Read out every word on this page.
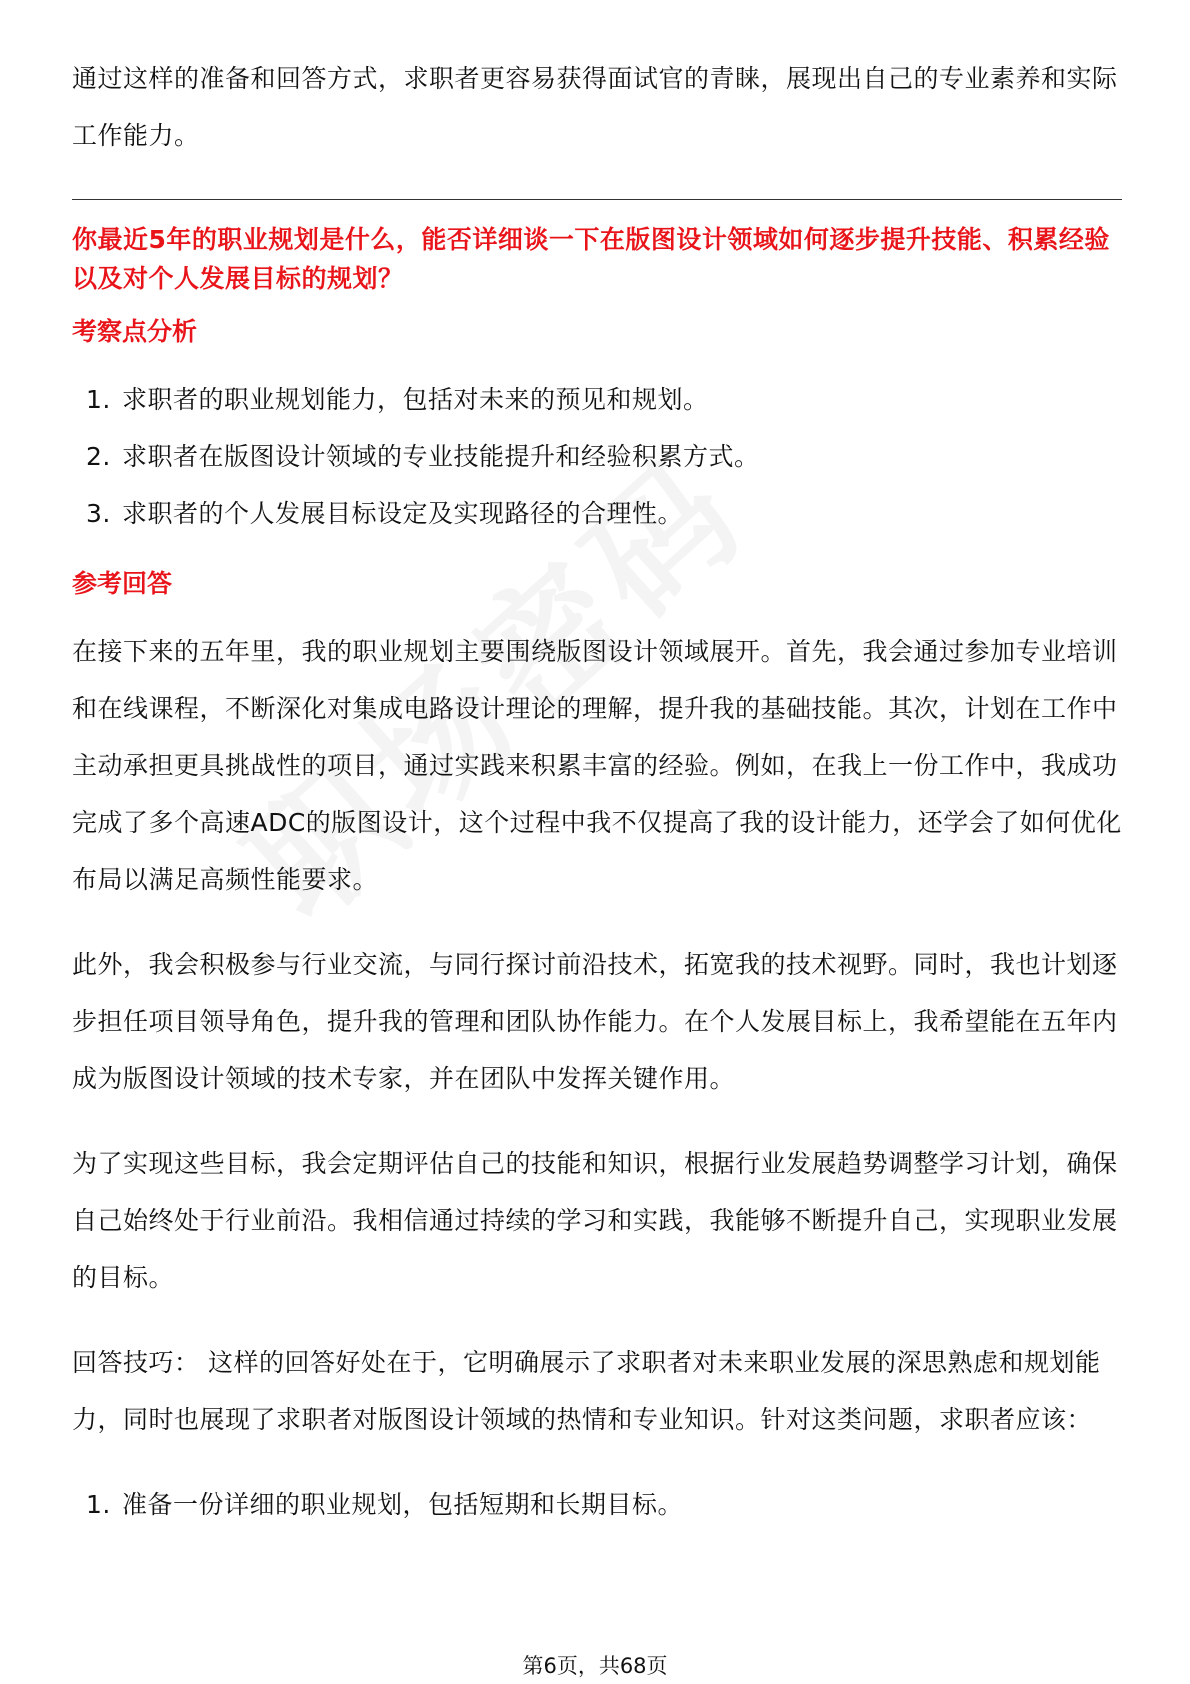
通过这样的准备和回答方式，求职者更容易获得面试官的青睐，展现出自己的专业素养和实际工作能力。

你最近5年的职业规划是什么，能否详细谈一下在版图设计领域如何逐步提升技能、积累经验以及对个人发展目标的规划？

考察点分析

1. 求职者的职业规划能力，包括对未来的预见和规划。
2. 求职者在版图设计领域的专业技能提升和经验积累方式。
3. 求职者的个人发展目标设定及实现路径的合理性。

参考回答

在接下来的五年里，我的职业规划主要围绕版图设计领域展开。首先，我会通过参加专业培训和在线课程，不断深化对集成电路设计理论的理解，提升我的基础技能。其次，计划在工作中主动承担更具挑战性的项目，通过实践来积累丰富的经验。例如，在我上一份工作中，我成功完成了多个高速ADC的版图设计，这个过程中我不仅提高了我的设计能力，还学会了如何优化布局以满足高频性能要求。

此外，我会积极参与行业交流，与同行探讨前沿技术，拓宽我的技术视野。同时，我也计划逐步担任项目领导角色，提升我的管理和团队协作能力。在个人发展目标上，我希望能在五年内成为版图设计领域的技术专家，并在团队中发挥关键作用。

为了实现这些目标，我会定期评估自己的技能和知识，根据行业发展趋势调整学习计划，确保自己始终处于行业前沿。我相信通过持续的学习和实践，我能够不断提升自己，实现职业发展的目标。

回答技巧： 这样的回答好处在于，它明确展示了求职者对未来职业发展的深思熟虑和规划能力，同时也展现了求职者对版图设计领域的热情和专业知识。针对这类问题，求职者应该：

1. 准备一份详细的职业规划，包括短期和长期目标。
第6页，共68页
